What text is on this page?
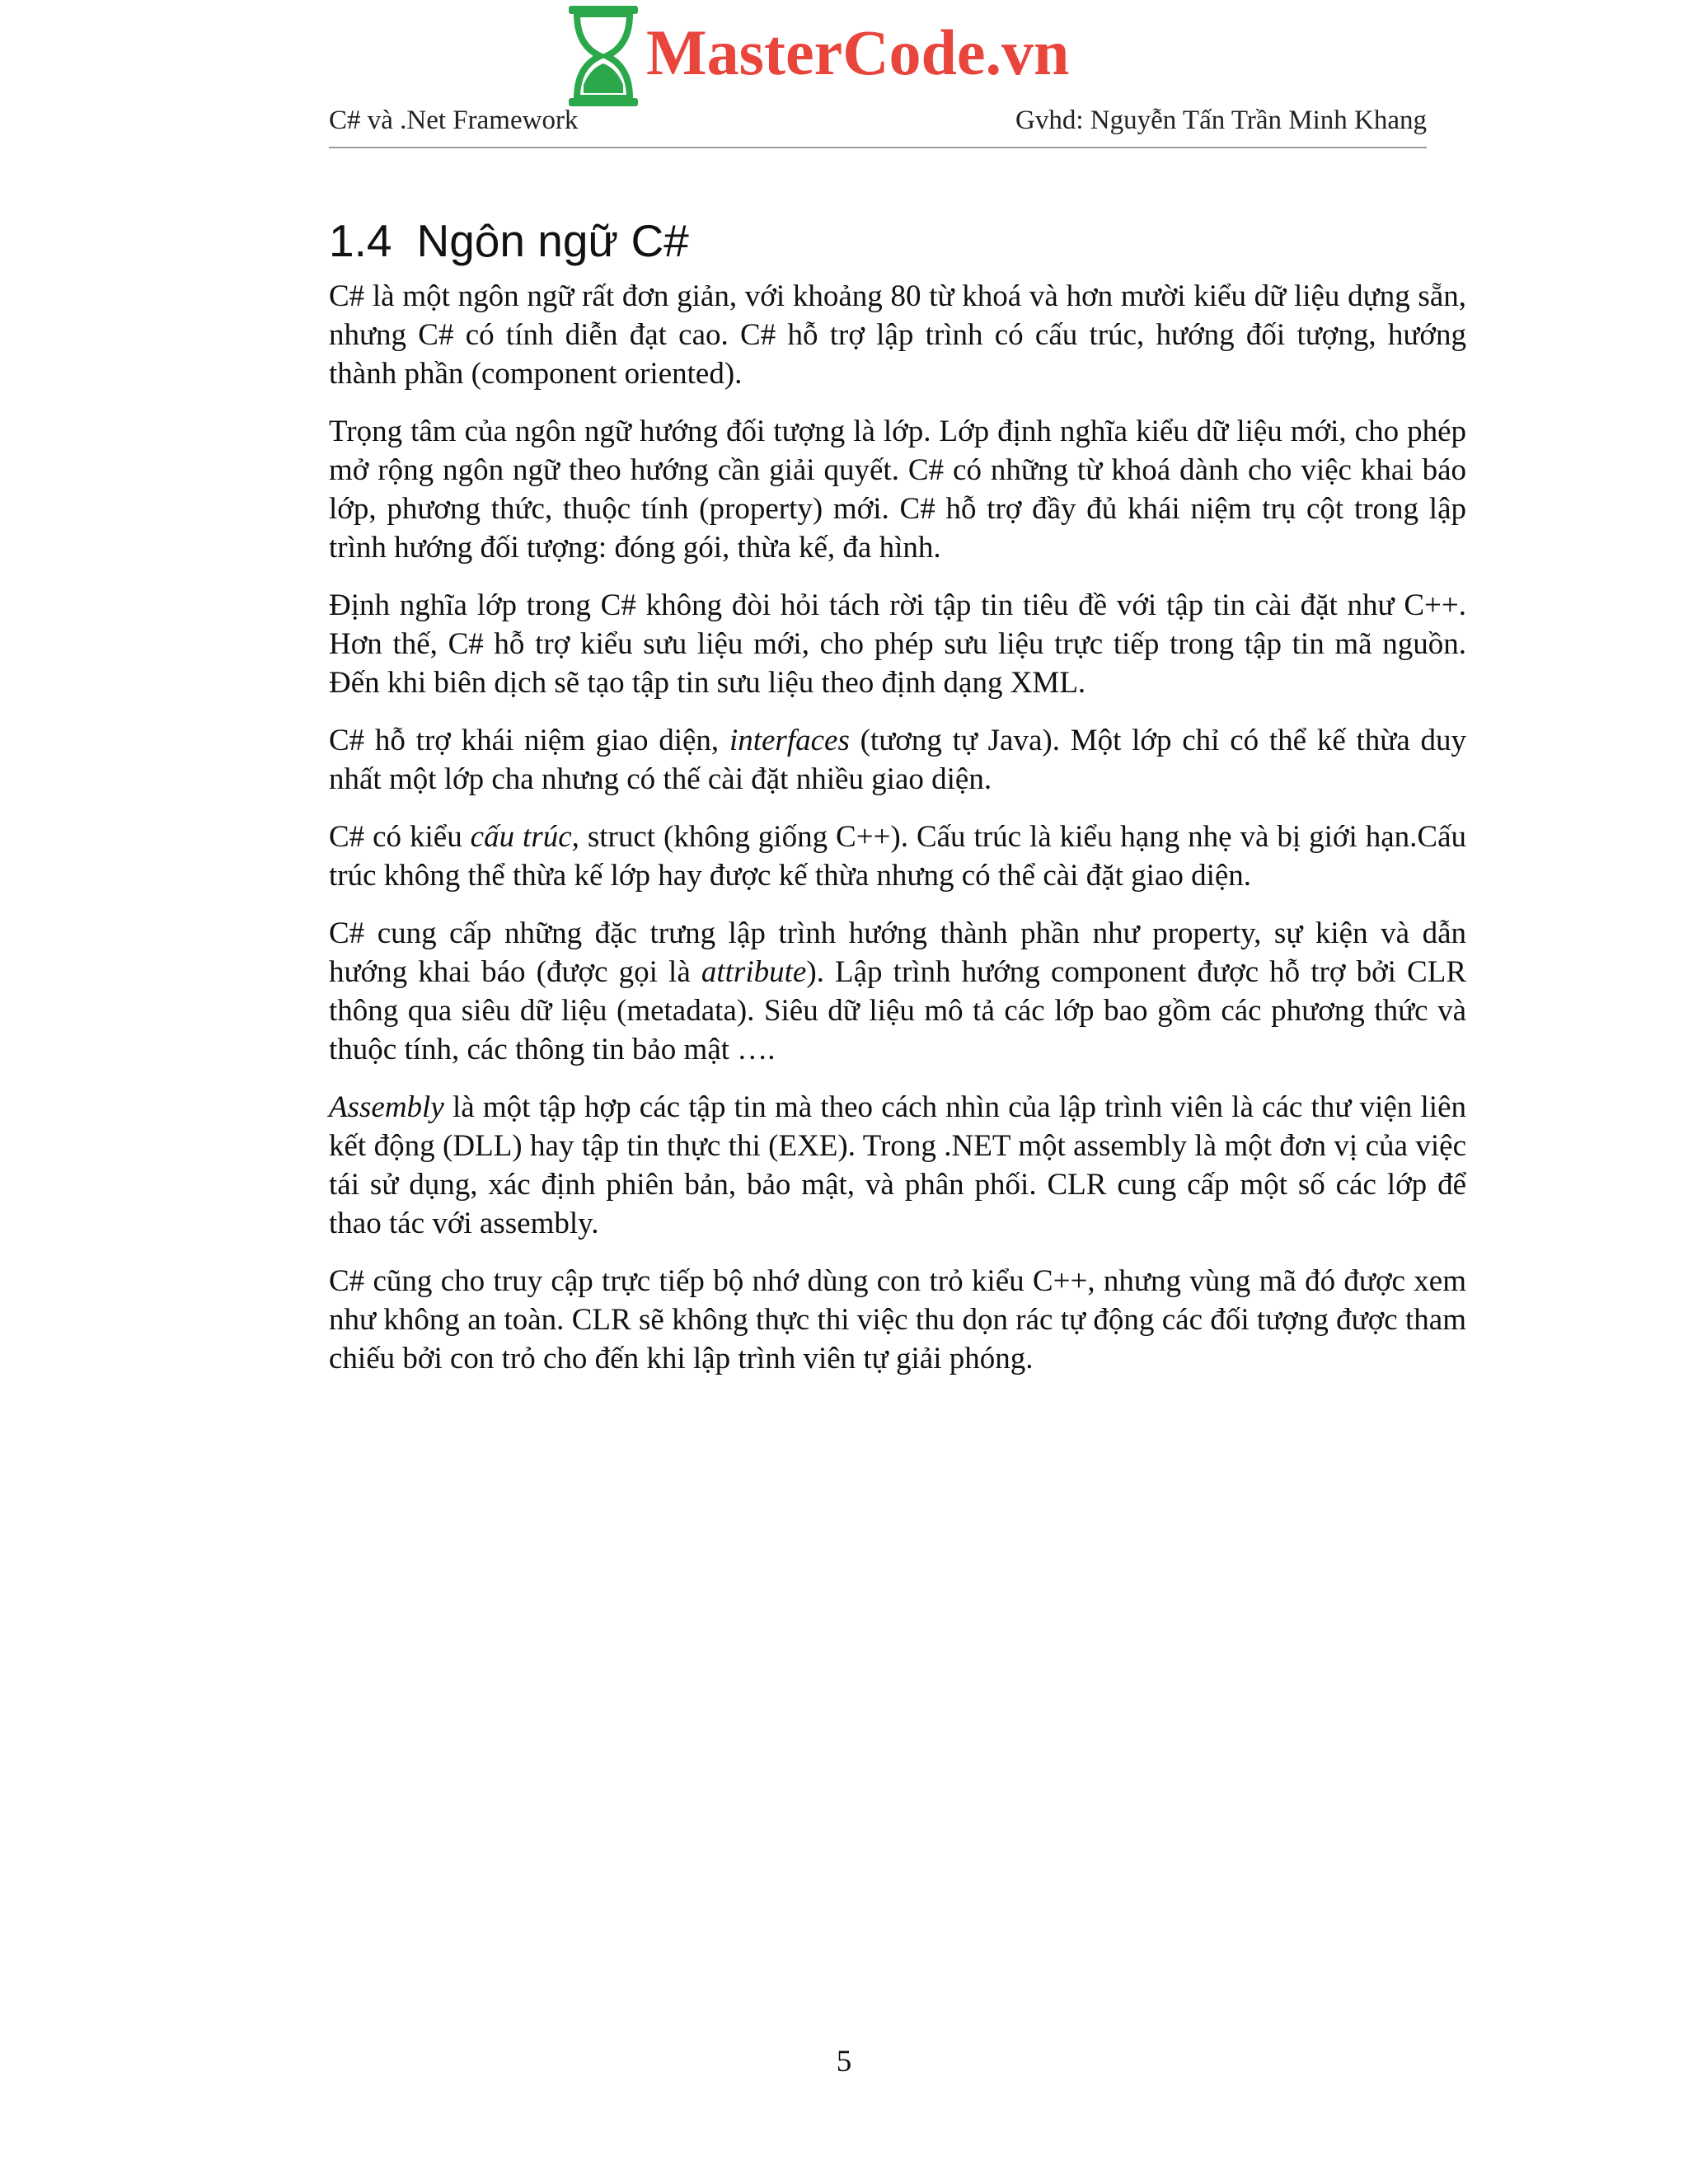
MasterCode.vn
C# và .Net Framework	Gvhd: Nguyễn Tấn Trần Minh Khang
1.4 Ngôn ngữ C#

C# là một ngôn ngữ rất đơn giản, với khoảng 80 từ khoá và hơn mười kiểu dữ liệu dựng sẵn, nhưng C# có tính diễn đạt cao. C# hỗ trợ lập trình có cấu trúc, hướng đối tượng, hướng thành phần (component oriented).

Trọng tâm của ngôn ngữ hướng đối tượng là lớp. Lớp định nghĩa kiểu dữ liệu mới, cho phép mở rộng ngôn ngữ theo hướng cần giải quyết. C# có những từ khoá dành cho việc khai báo lớp, phương thức, thuộc tính (property) mới. C# hỗ trợ đầy đủ khái niệm trụ cột trong lập trình hướng đối tượng: đóng gói, thừa kế, đa hình.

Định nghĩa lớp trong C# không đòi hỏi tách rời tập tin tiêu đề với tập tin cài đặt như C++. Hơn thế, C# hỗ trợ kiểu sưu liệu mới, cho phép sưu liệu trực tiếp trong tập tin mã nguồn. Đến khi biên dịch sẽ tạo tập tin sưu liệu theo định dạng XML.

C# hỗ trợ khái niệm giao diện, interfaces (tương tự Java). Một lớp chỉ có thể kế thừa duy nhất một lớp cha nhưng có thế cài đặt nhiều giao diện.

C# có kiểu cấu trúc, struct (không giống C++). Cấu trúc là kiểu hạng nhẹ và bị giới hạn.Cấu trúc không thể thừa kế lớp hay được kế thừa nhưng có thể cài đặt giao diện.

C# cung cấp những đặc trưng lập trình hướng thành phần như property, sự kiện và dẫn hướng khai báo (được gọi là attribute). Lập trình hướng component được hỗ trợ bởi CLR thông qua siêu dữ liệu (metadata). Siêu dữ liệu mô tả các lớp bao gồm các phương thức và thuộc tính, các thông tin bảo mật ….

Assembly là một tập hợp các tập tin mà theo cách nhìn của lập trình viên là các thư viện liên kết động (DLL) hay tập tin thực thi (EXE). Trong .NET một assembly là một đơn vị của việc tái sử dụng, xác định phiên bản, bảo mật, và phân phối. CLR cung cấp một số các lớp để thao tác với assembly.

C# cũng cho truy cập trực tiếp bộ nhớ dùng con trỏ kiểu C++, nhưng vùng mã đó được xem như không an toàn. CLR sẽ không thực thi việc thu dọn rác tự động các đối tượng được tham chiếu bởi con trỏ cho đến khi lập trình viên tự giải phóng.

5
